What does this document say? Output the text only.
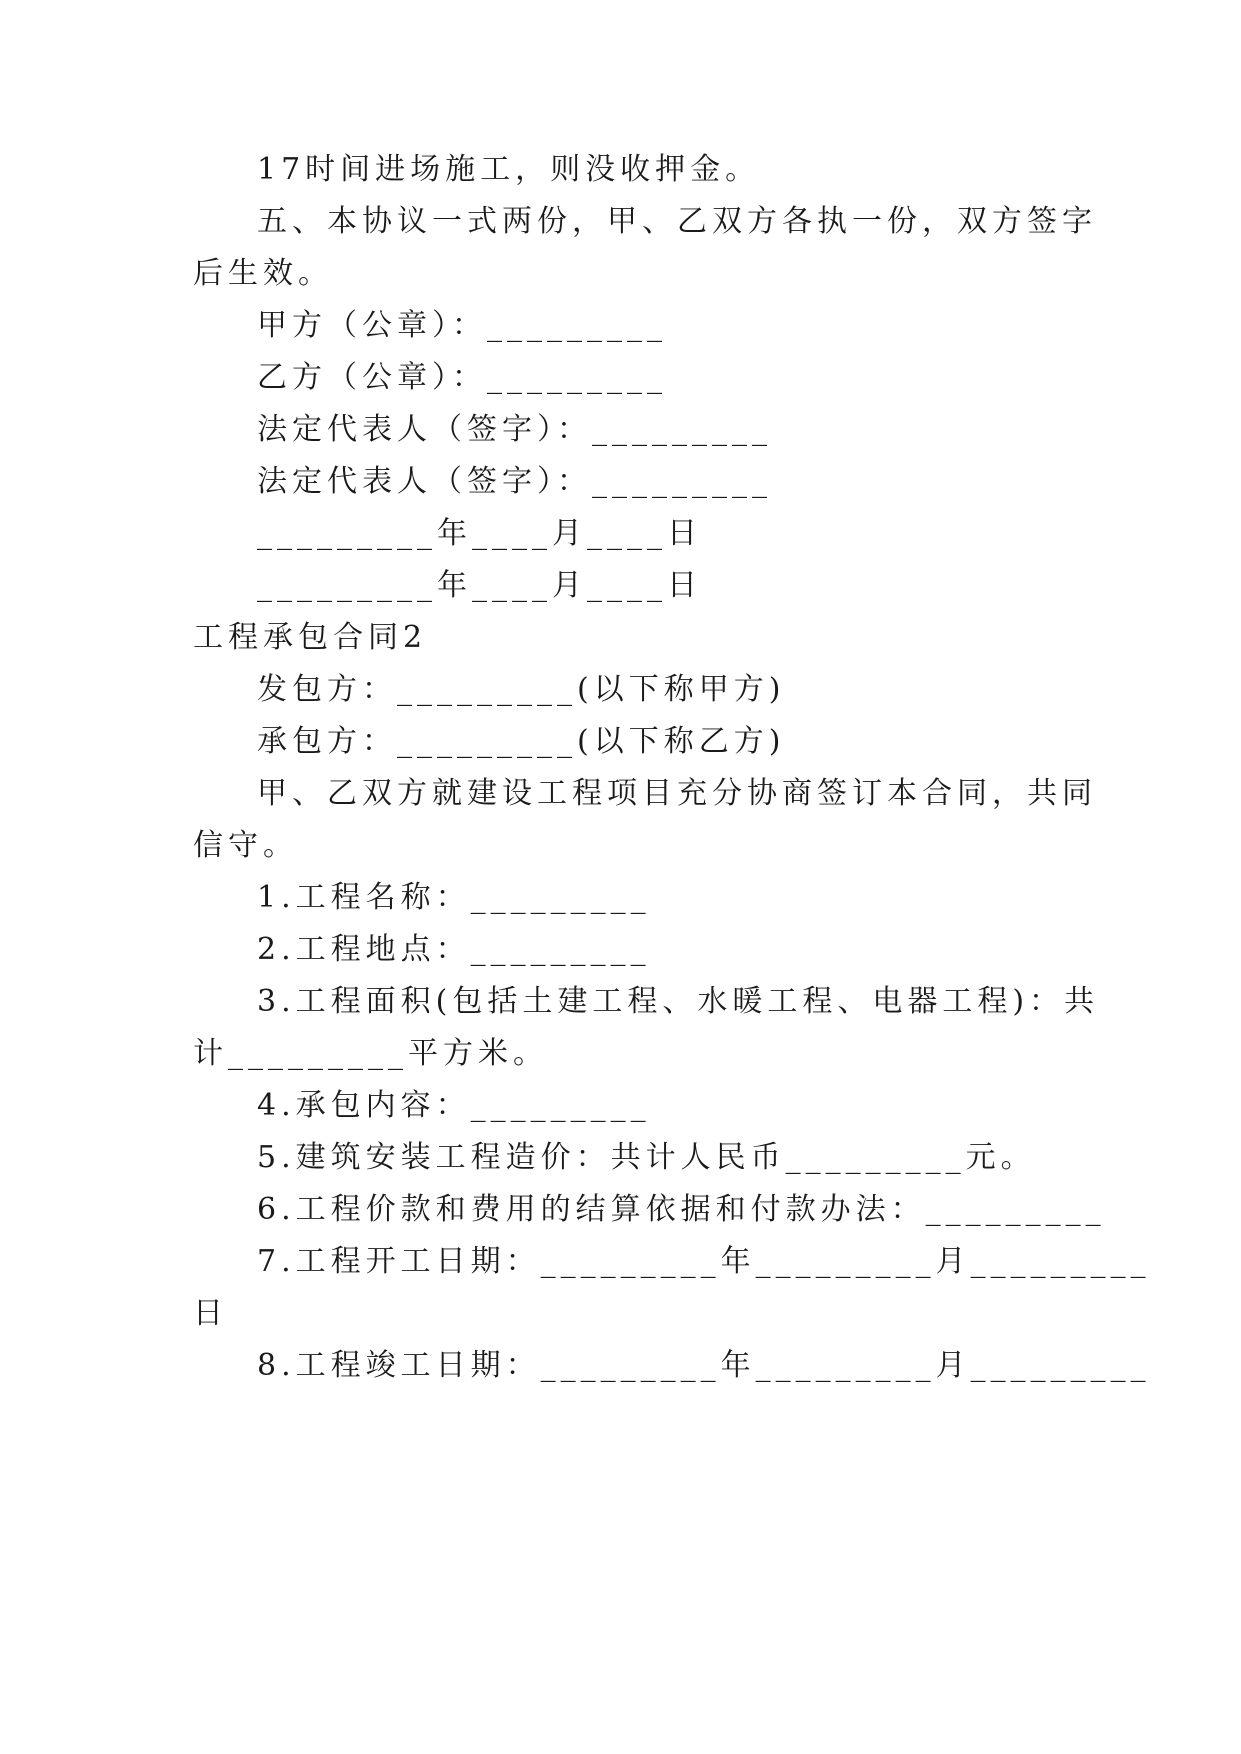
17时间进场施工，则没收押金。
五、本协议一式两份，甲、乙双方各执一份，双方签字
后生效。
甲方（公章）：_________
乙方（公章）：_________
法定代表人（签字）：_________
法定代表人（签字）：_________
_________年____月____日
_________年____月____日
工程承包合同2
发包方：_________(以下称甲方)
承包方：_________(以下称乙方)
甲、乙双方就建设工程项目充分协商签订本合同，共同
信守。
1.工程名称：_________
2.工程地点：_________
3.工程面积(包括土建工程、水暖工程、电器工程)：共
计_________平方米。
4.承包内容：_________
5.建筑安装工程造价：共计人民币_________元。
6.工程价款和费用的结算依据和付款办法：_________
7.工程开工日期：_________年_________月_________
日
8.工程竣工日期：_________年_________月_________
